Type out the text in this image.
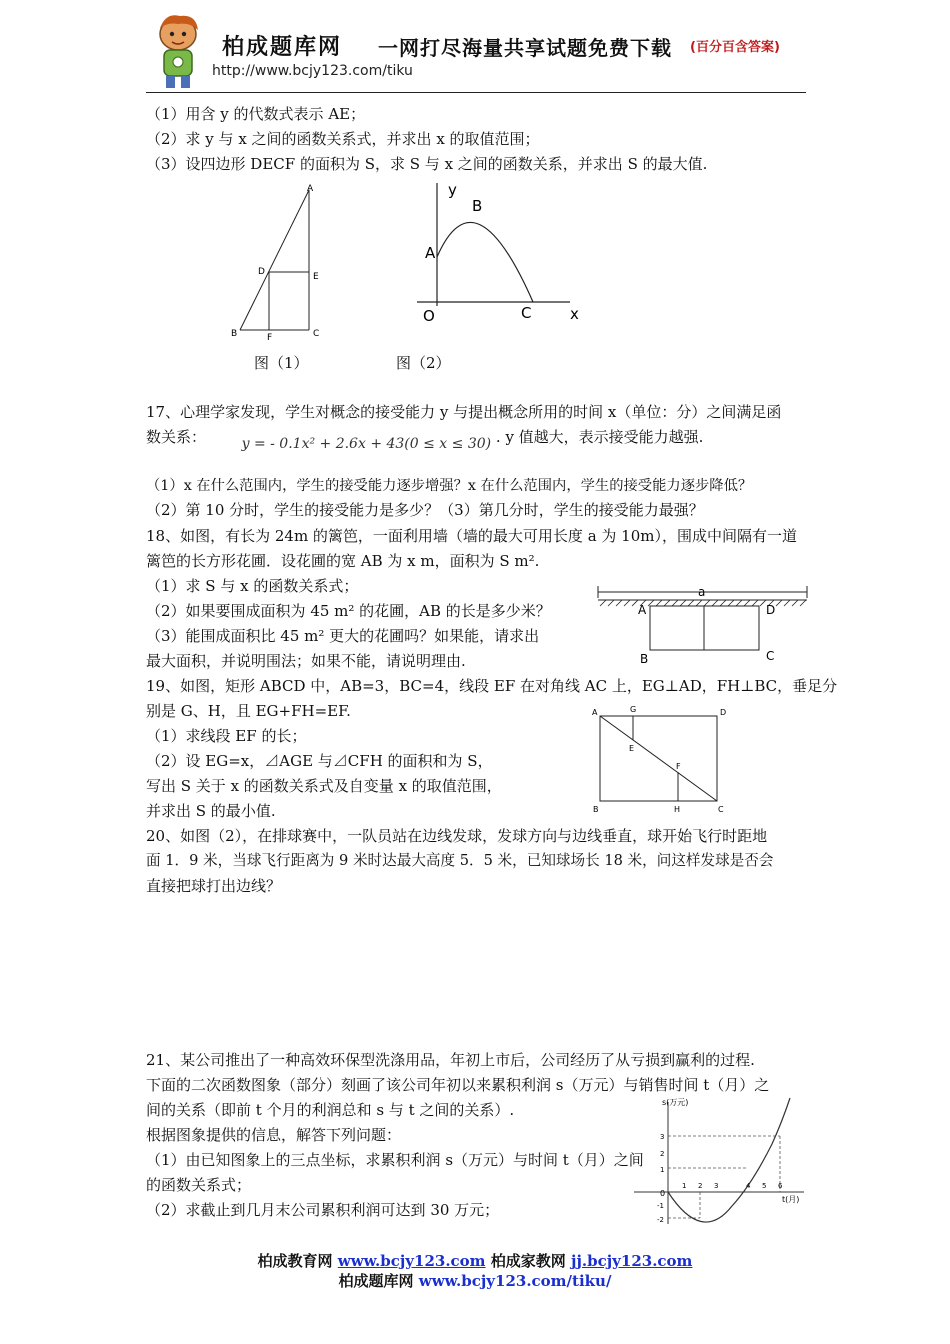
柏成题库网 一网打尽海量共享试题免费下载 (百分百含答案)
http://www.bcjy123.com/tiku
（1）用含 y 的代数式表示 AE；
（2）求 y 与 x 之间的函数关系式，并求出 x 的取值范围；
（3）设四边形 DECF 的面积为 S，求 S 与 x 之间的函数关系，并求出 S 的最大值.
A
D	E
B	F	C
y
B
A
O	C	x
图（1）	图（2）
17、心理学家发现，学生对概念的接受能力 y 与提出概念所用的时间 x（单位：分）之间满足函
数关系：	y = - 0.1x² + 2.6x + 43(0 ≤ x ≤ 30) . y 值越大，表示接受能力越强.
（1）x 在什么范围内，学生的接受能力逐步增强？x 在什么范围内，学生的接受能力逐步降低？
（2）第 10 分时，学生的接受能力是多少？（3）第几分时，学生的接受能力最强？
18、如图，有长为 24m 的篱笆，一面利用墙（墙的最大可用长度 a 为 10m），围成中间隔有一道
篱笆的长方形花圃．设花圃的宽 AB 为 x m，面积为 S m².
（1）求 S 与 x 的函数关系式；
（2）如果要围成面积为 45 m² 的花圃，AB 的长是多少米？
（3）能围成面积比 45 m² 更大的花圃吗？如果能，请求出
最大面积，并说明围法；如果不能，请说明理由.
a
A	D
B	C
19、如图，矩形 ABCD 中，AB=3，BC=4，线段 EF 在对角线 AC 上，EG⊥AD，FH⊥BC，垂足分
别是 G、H，且 EG+FH=EF.
（1）求线段 EF 的长；
（2）设 EG=x，⊿AGE 与⊿CFH 的面积和为 S，
写出 S 关于 x 的函数关系式及自变量 x 的取值范围，
并求出 S 的最小值.
A	G	D
E
F
B	H	C
20、如图（2），在排球赛中，一队员站在边线发球，发球方向与边线垂直，球开始飞行时距地
面 1．9 米，当球飞行距离为 9 米时达最大高度 5．5 米，已知球场长 18 米，问这样发球是否会
直接把球打出边线？
21、某公司推出了一种高效环保型洗涤用品，年初上市后，公司经历了从亏损到赢利的过程.
下面的二次函数图象（部分）刻画了该公司年初以来累积利润 s（万元）与销售时间 t（月）之
间的关系（即前 t 个月的利润总和 s 与 t 之间的关系）.
根据图象提供的信息，解答下列问题：
（1）由已知图象上的三点坐标，求累积利润 s（万元）与时间 t（月）之间
的函数关系式；
（2）求截止到几月末公司累积利润可达到 30 万元；
s(万元)
t(月)
0
3
2
1
-1
-2
1 2 3	4 5 6
柏成教育网 www.bcjy123.com 柏成家教网 jj.bcjy123.com
柏成题库网 www.bcjy123.com/tiku/
